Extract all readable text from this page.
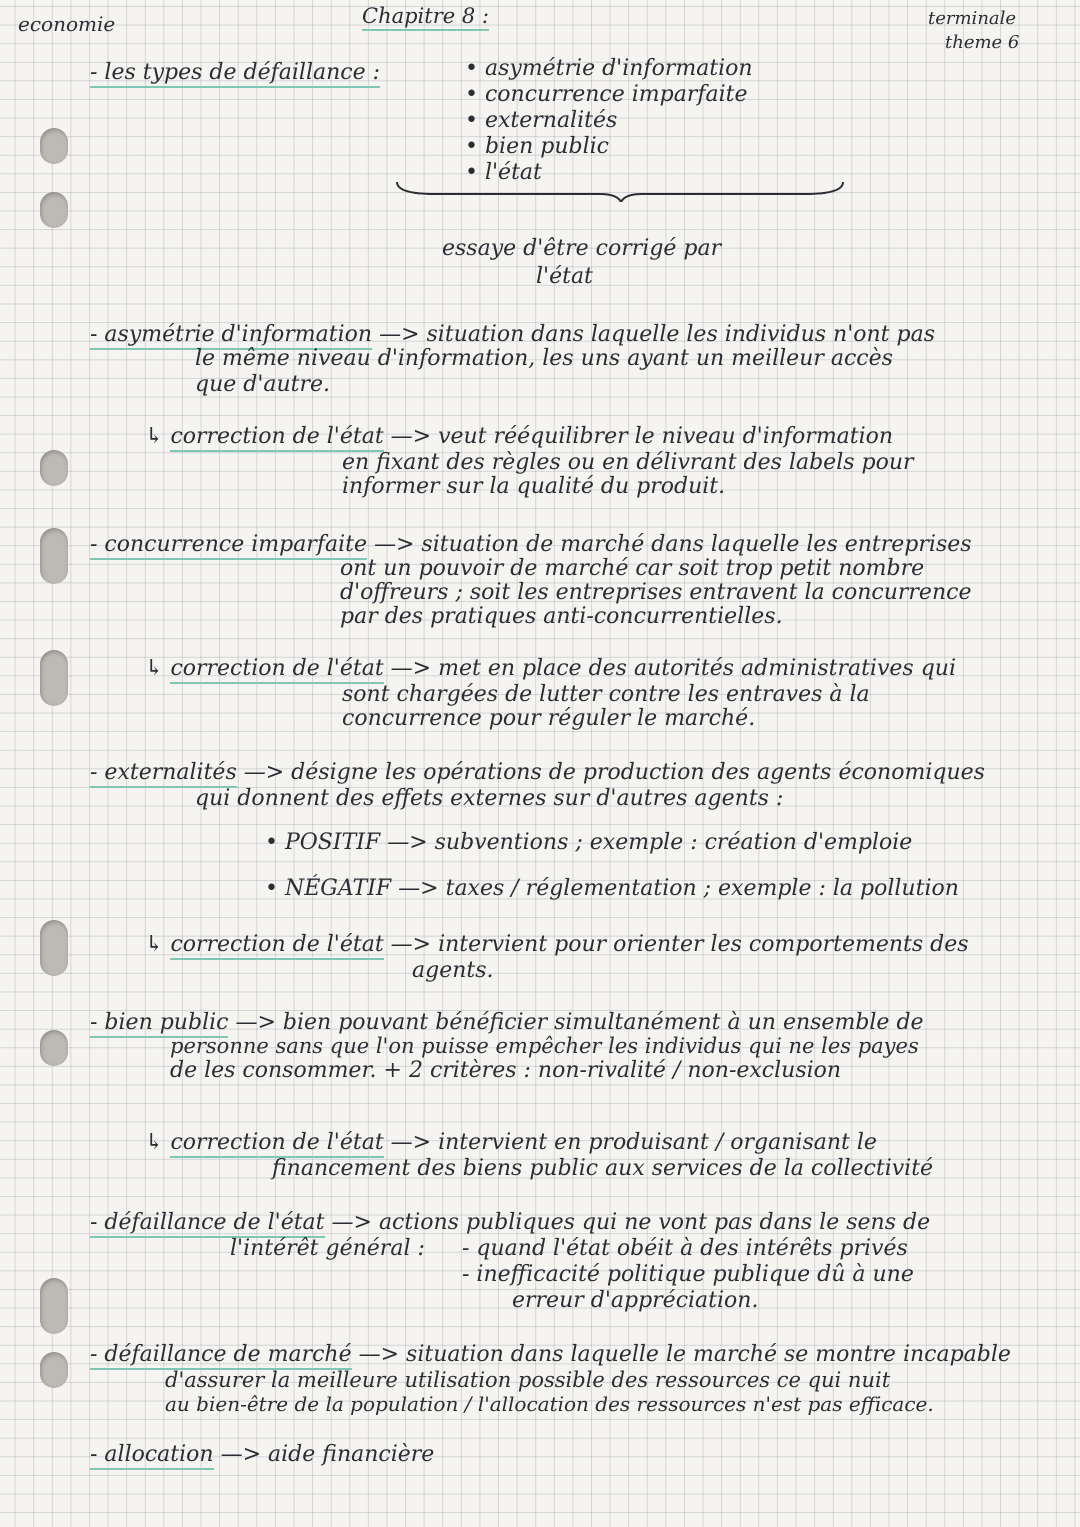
economie	Chapitre 8 :	terminale
theme 6
- les types de défaillance :	• asymétrie d'information
• concurrence imparfaite
• externalités
• bien public
• l'état
essaye d'être corrigé par
l'état
- asymétrie d'information —> situation dans laquelle les individus n'ont pas
le même niveau d'information, les uns ayant un meilleur accès
que d'autre.
↳ correction de l'état —> veut rééquilibrer le niveau d'information
en fixant des règles ou en délivrant des labels pour
informer sur la qualité du produit.
- concurrence imparfaite —> situation de marché dans laquelle les entreprises
ont un pouvoir de marché car soit trop petit nombre
d'offreurs ; soit les entreprises entravent la concurrence
par des pratiques anti-concurrentielles.
↳ correction de l'état —> met en place des autorités administratives qui
sont chargées de lutter contre les entraves à la
concurrence pour réguler le marché.
- externalités —> désigne les opérations de production des agents économiques
qui donnent des effets externes sur d'autres agents :
• POSITIF —> subventions ; exemple : création d'emploie
• NÉGATIF —> taxes / réglementation ; exemple : la pollution
↳ correction de l'état —> intervient pour orienter les comportements des
agents.
- bien public —> bien pouvant bénéficier simultanément à un ensemble de
personne sans que l'on puisse empêcher les individus qui ne les payes
de les consommer. + 2 critères : non-rivalité / non-exclusion
↳ correction de l'état —> intervient en produisant / organisant le
financement des biens public aux services de la collectivité
- défaillance de l'état —> actions publiques qui ne vont pas dans le sens de
l'intérêt général : - quand l'état obéit à des intérêts privés
- inefficacité politique publique dû à une
erreur d'appréciation.
- défaillance de marché —> situation dans laquelle le marché se montre incapable
d'assurer la meilleure utilisation possible des ressources ce qui nuit
au bien-être de la population / l'allocation des ressources n'est pas efficace.
- allocation —> aide financière
